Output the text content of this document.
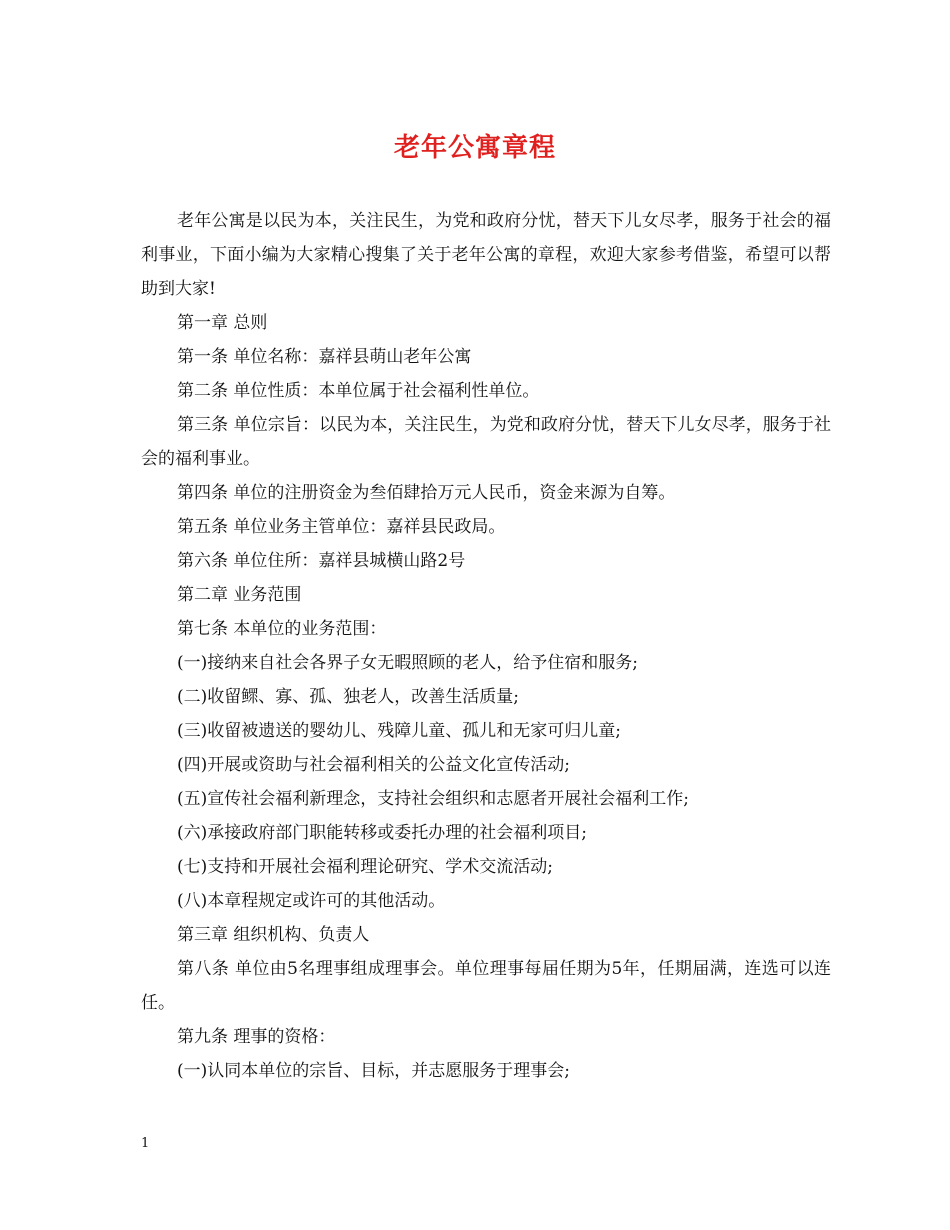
老年公寓章程

老年公寓是以民为本，关注民生，为党和政府分忧，替天下儿女尽孝，服务于社会的福利事业，下面小编为大家精心搜集了关于老年公寓的章程，欢迎大家参考借鉴，希望可以帮助到大家!

第一章 总则

第一条 单位名称：嘉祥县萌山老年公寓

第二条 单位性质：本单位属于社会福利性单位。

第三条 单位宗旨：以民为本，关注民生，为党和政府分忧，替天下儿女尽孝，服务于社会的福利事业。

第四条 单位的注册资金为叁佰肆拾万元人民币，资金来源为自筹。

第五条 单位业务主管单位：嘉祥县民政局。

第六条 单位住所：嘉祥县城横山路2号

第二章 业务范围

第七条 本单位的业务范围：

(一)接纳来自社会各界子女无暇照顾的老人，给予住宿和服务;

(二)收留鳏、寡、孤、独老人，改善生活质量;

(三)收留被遗送的婴幼儿、残障儿童、孤儿和无家可归儿童;

(四)开展或资助与社会福利相关的公益文化宣传活动;

(五)宣传社会福利新理念，支持社会组织和志愿者开展社会福利工作;

(六)承接政府部门职能转移或委托办理的社会福利项目;

(七)支持和开展社会福利理论研究、学术交流活动;

(八)本章程规定或许可的其他活动。

第三章 组织机构、负责人

第八条 单位由5名理事组成理事会。单位理事每届任期为5年，任期届满，连选可以连任。

第九条 理事的资格：

(一)认同本单位的宗旨、目标，并志愿服务于理事会;

1
